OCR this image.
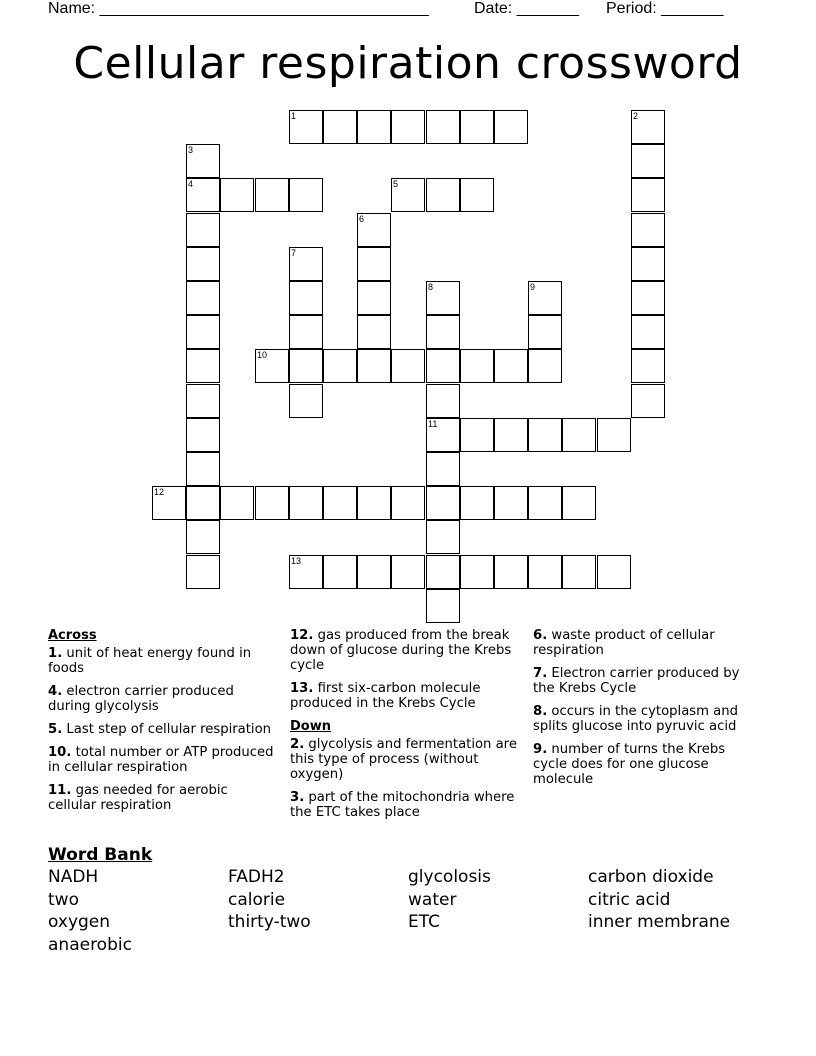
Name: _____________________________________	Date: _______ Period: _______
Cellular respiration crossword
1	2
3
4	5
6
7
8
11
9
10
12
13
Across
1. unit of heat energy found in foods
4. electron carrier produced during glycolysis
5. Last step of cellular respiration
10. total number or ATP produced in cellular respiration
11. gas needed for aerobic cellular respiration
12. gas produced from the break down of glucose during the Krebs cycle
13. first six-carbon molecule produced in the Krebs Cycle
Down
2. glycolysis and fermentation are this type of process (without oxygen)
3. part of the mitochondria where the ETC takes place
6. waste product of cellular respiration
7. Electron carrier produced by the Krebs Cycle
8. occurs in the cytoplasm and splits glucose into pyruvic acid
9. number of turns the Krebs cycle does for one glucose molecule
Word Bank
NADH	FADH2	glycolosis	carbon dioxide
two	calorie	water	citric acid
oxygen	thirty-two	ETC	inner membrane
anaerobic
